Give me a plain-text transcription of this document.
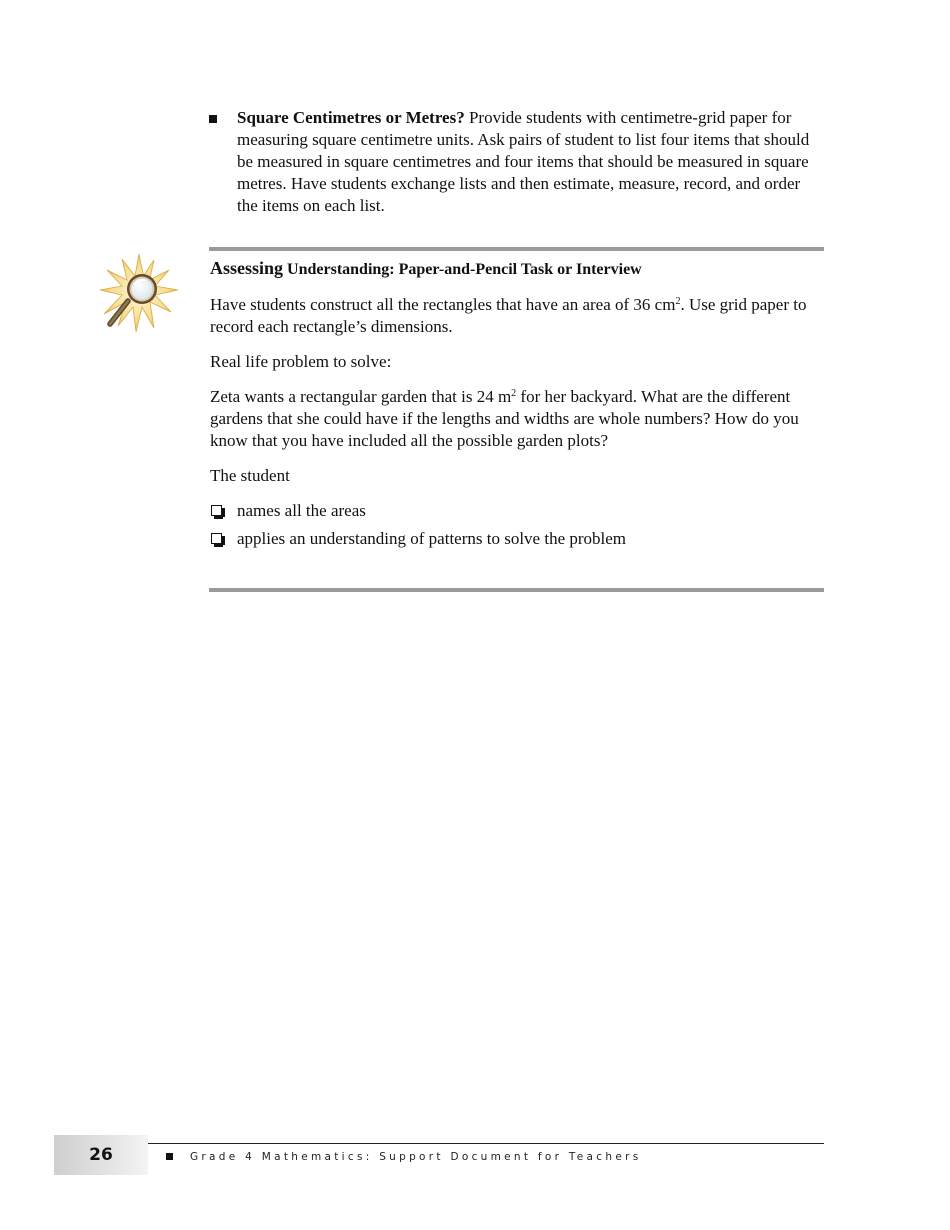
Square Centimetres or Metres? Provide students with centimetre-grid paper for measuring square centimetre units. Ask pairs of student to list four items that should be measured in square centimetres and four items that should be measured in square metres. Have students exchange lists and then estimate, measure, record, and order the items on each list.

Assessing Understanding: Paper-and-Pencil Task or Interview

Have students construct all the rectangles that have an area of 36 $cm^2$. Use grid paper to record each rectangle’s dimensions.

Real life problem to solve:

Zeta wants a rectangular garden that is 24 $m^2$ for her backyard. What are the different gardens that she could have if the lengths and widths are whole numbers? How do you know that you have included all the possible garden plots?

The student

names all the areas
applies an understanding of patterns to solve the problem
26	Grade 4 Mathematics: Support Document for Teachers
